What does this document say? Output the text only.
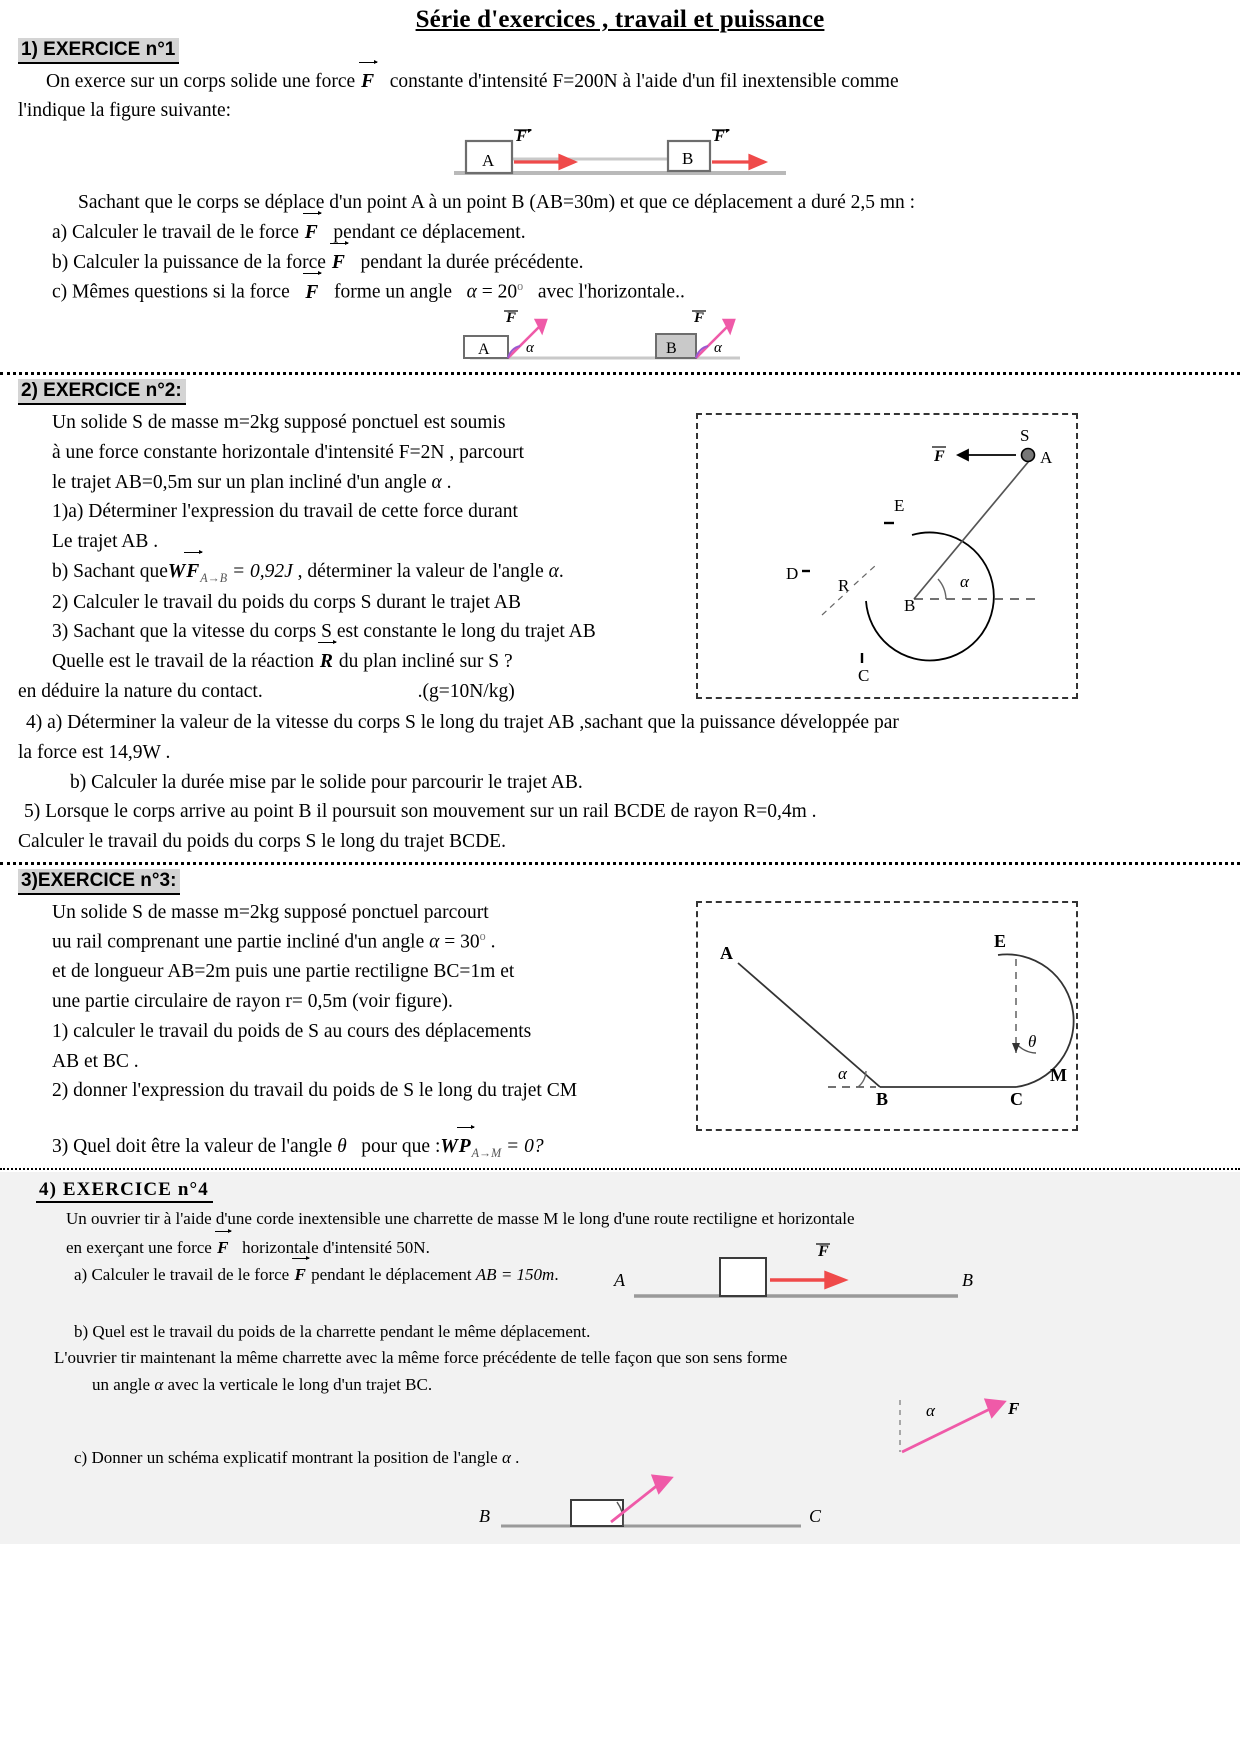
Série d'exercices , travail et puissance
1) EXERCICE n°1

On exerce sur un corps solide une force F constante d'intensité F=200N à l'aide d'un fil inextensible comme

l'indique la figure suivante:

A	B
F	F

Sachant que le corps se déplace d'un point A à un point B (AB=30m) et que ce déplacement a duré 2,5 mn :

a) Calculer le travail de le force F pendant ce déplacement.

b) Calculer la puissance de la force F pendant la durée précédente.

c) Mêmes questions si la force F forme un angle $\alpha = 20^o$ avec l'horizontale..

A	B
F
α
F
α
2) EXERCICE n°2:

Un solide S de masse m=2kg supposé ponctuel est soumis

à une force constante horizontale d'intensité F=2N , parcourt

le trajet AB=0,5m sur un plan incliné d'un angle α .

1)a) Déterminer l'expression du travail de cette force durant

Le trajet AB .

b) Sachant queWF$_{A\to B}$ = 0,92J , déterminer la valeur de l'angle α.

2) Calculer le travail du poids du corps S durant le trajet AB

3) Sachant que la vitesse du corps S est constante le long du trajet AB

Quelle est le travail de la réaction R du plan incliné sur S ?

en déduire la nature du contact.	.(g=10N/kg)

α
S
A
F
E
D
R
B
C

4) a) Déterminer la valeur de la vitesse du corps S le long du trajet AB ,sachant que la puissance développée par

la force est 14,9W .

b) Calculer la durée mise par le solide pour parcourir le trajet AB.

5) Lorsque le corps arrive au point B il poursuit son mouvement sur un rail BCDE de rayon R=0,4m .

Calculer le travail du poids du corps S le long du trajet BCDE.

3)EXERCICE n°3:

Un solide S de masse m=2kg supposé ponctuel parcourt

uu rail comprenant une partie incliné d'un angle $\alpha = 30^o$ .

et de longueur AB=2m puis une partie rectiligne BC=1m et

une partie circulaire de rayon r= 0,5m (voir figure).

1) calculer le travail du poids de S au cours des déplacements

AB et BC .

2) donner l'expression du travail du poids de S le long du trajet CM

α
θ
A
E
B	C
M

3) Quel doit être la valeur de l'angle θ pour que $:WP_{A\to M} = 0$?

4) EXERCICE n°4

Un ouvrier tir à l'aide d'une corde inextensible une charrette de masse M le long d'une route rectiligne et horizontale

en exerçant une force F horizontale d'intensité 50N.

a) Calculer le travail de le force F pendant le déplacement AB = 150m.	A	B
F

b) Quel est le travail du poids de la charrette pendant le même déplacement.

L'ouvrier tir maintenant la même charrette avec la même force précédente de telle façon que son sens forme

un angle α avec la verticale le long d'un trajet BC.

α	F

c) Donner un schéma explicatif montrant la position de l'angle α .

B	C
